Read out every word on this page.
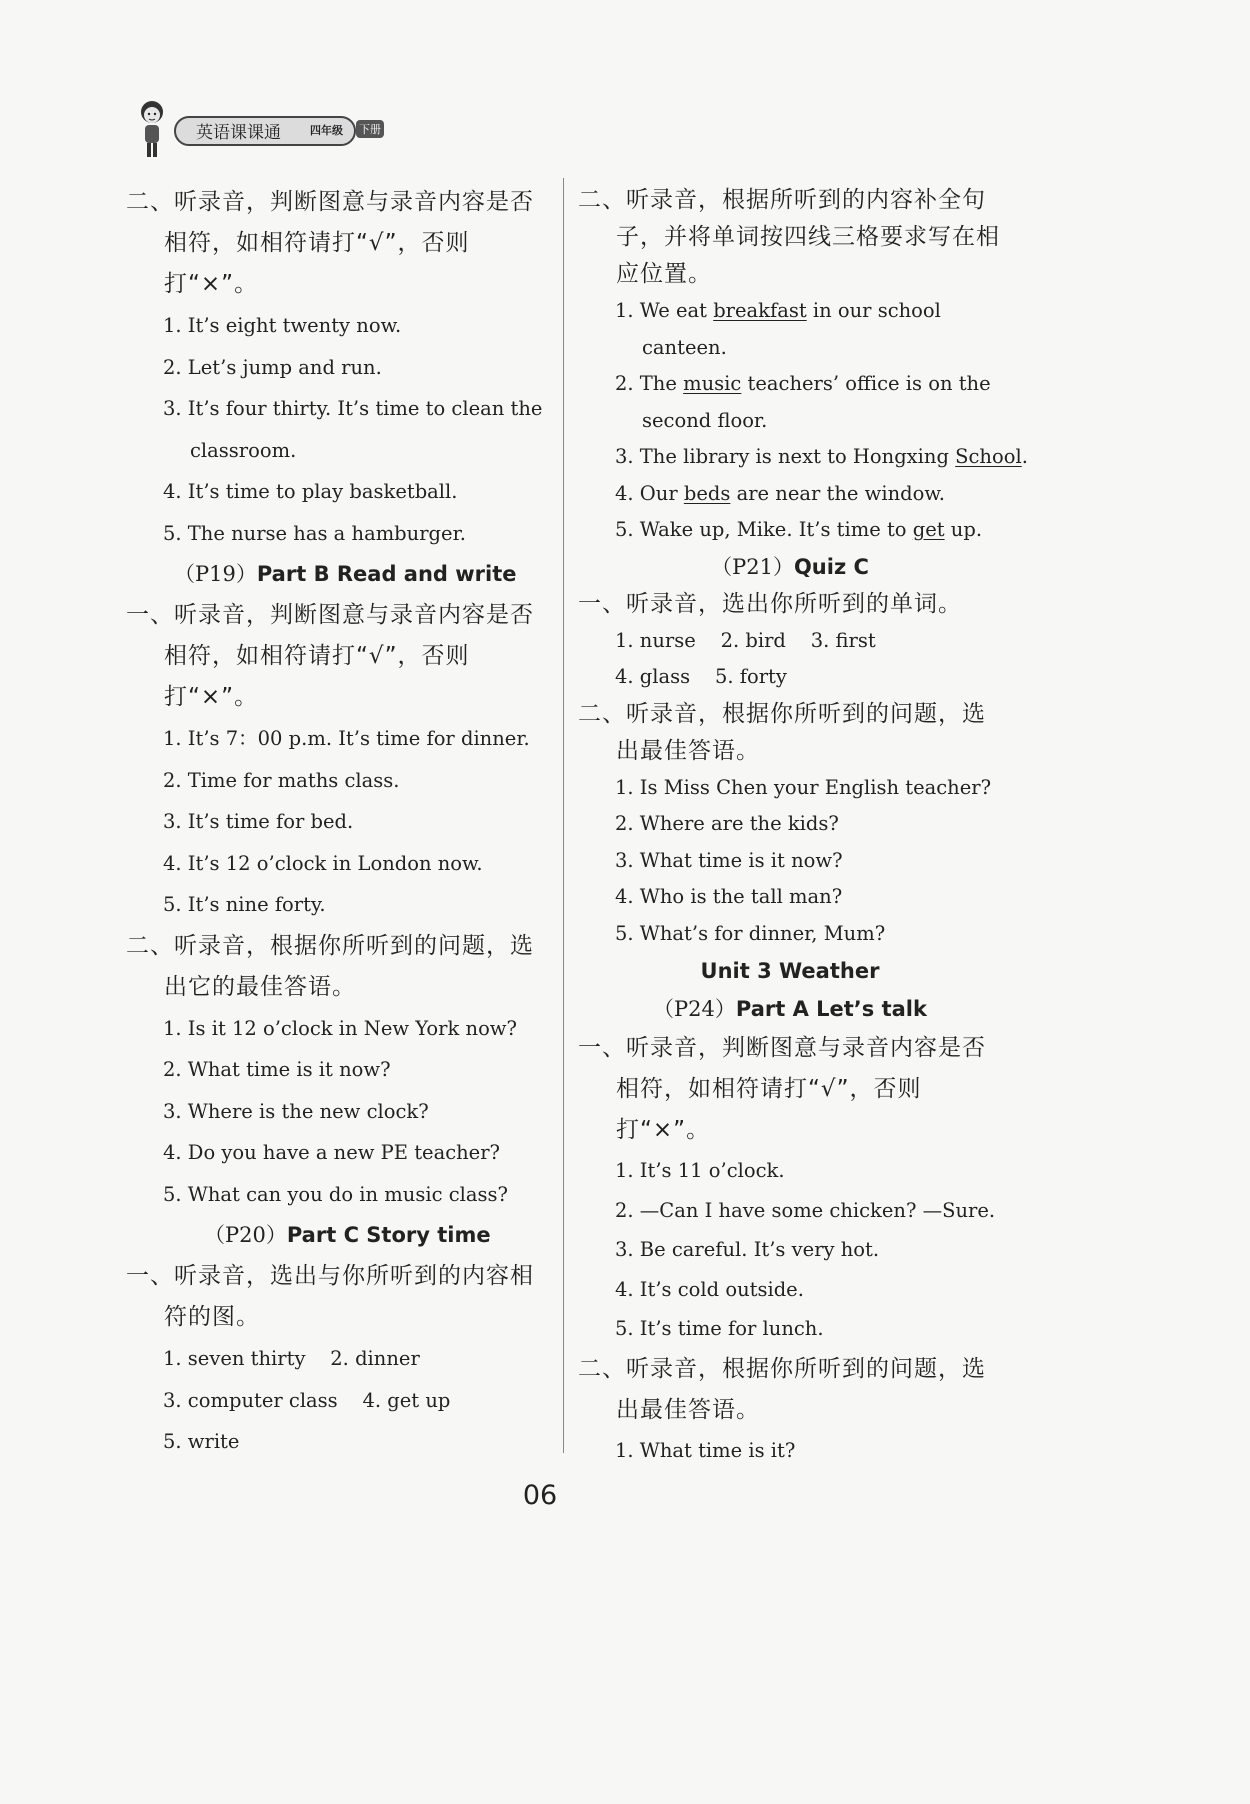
英语课课通	四年级 下册

二、听录音，判断图意与录音内容是否相符，如相符请打“√”，否则打“×”。

1. It’s eight twenty now.

2. Let’s jump and run.

3. It’s four thirty. It’s time to clean the classroom.

4. It’s time to play basketball.

5. The nurse has a hamburger.

（P19）Part B Read and write

一、听录音，判断图意与录音内容是否相符，如相符请打“√”，否则打“×”。

1. It’s 7：00 p.m. It’s time for dinner.

2. Time for maths class.

3. It’s time for bed.

4. It’s 12 o’clock in London now.

5. It’s nine forty.

二、听录音，根据你所听到的问题，选出它的最佳答语。

1. Is it 12 o’clock in New York now?

2. What time is it now?

3. Where is the new clock?

4. Do you have a new PE teacher?

5. What can you do in music class?

（P20）Part C Story time

一、听录音，选出与你所听到的内容相符的图。

1. seven thirty    2. dinner

3. computer class    4. get up

5. write

二、听录音，根据所听到的内容补全句子，并将单词按四线三格要求写在相应位置。

1. We eat breakfast in our school canteen.

2. The music teachers’ office is on the second floor.

3. The library is next to Hongxing School.

4. Our beds are near the window.

5. Wake up, Mike. It’s time to get up.

（P21）Quiz C

一、听录音，选出你所听到的单词。

1. nurse    2. bird    3. first

4. glass    5. forty

二、听录音，根据你所听到的问题，选出最佳答语。

1. Is Miss Chen your English teacher?

2. Where are the kids?

3. What time is it now?

4. Who is the tall man?

5. What’s for dinner, Mum?

Unit 3 Weather

（P24）Part A Let’s talk

一、听录音，判断图意与录音内容是否相符，如相符请打“√”，否则打“×”。

1. It’s 11 o’clock.

2. —Can I have some chicken? —Sure.

3. Be careful. It’s very hot.

4. It’s cold outside.

5. It’s time for lunch.

二、听录音，根据你所听到的问题，选出最佳答语。

1. What time is it?

06
